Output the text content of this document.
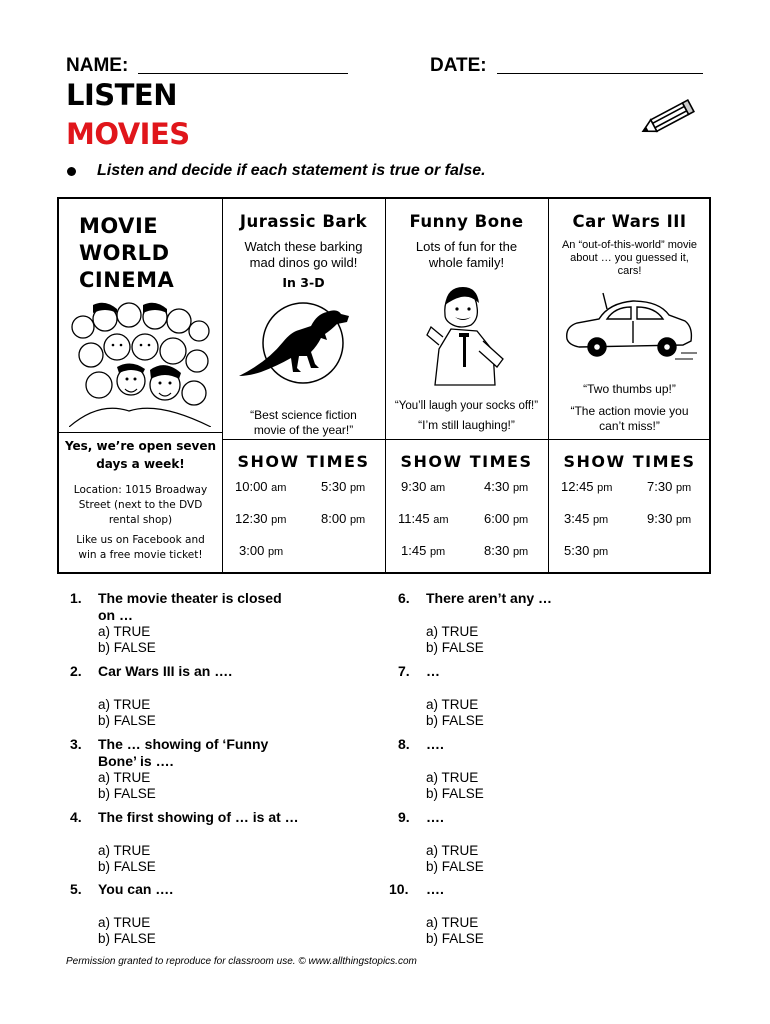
NAME:	DATE:
LISTEN
MOVIES
Listen and decide if each statement is true or false.
MOVIE
WORLD
CINEMA
Yes, we’re open seven
days a week!
Location: 1015 Broadway
Street (next to the DVD
rental shop)
Like us on Facebook and
win a free movie ticket!
Jurassic Bark
Watch these barking
mad dinos go wild!
In 3-D
“Best science fiction
movie of the year!”
Funny Bone
Lots of fun for the
whole family!
“You’ll laugh your socks off!”
“I’m still laughing!”
Car Wars III
An “out-of-this-world” movie
about … you guessed it,
cars!
“Two thumbs up!”
“The action movie you
can’t miss!”
SHOW TIMES	SHOW TIMES	SHOW TIMES
10:00 am	5:30 pm
12:30 pm	8:00 pm
3:00 pm
9:30 am	4:30 pm
11:45 am	6:00 pm
1:45 pm	8:30 pm
12:45 pm	7:30 pm
3:45 pm	9:30 pm
5:30 pm
1. The movie theater is closed
on …
a) TRUE
b) FALSE
2. Car Wars III is an ….

a) TRUE
b) FALSE
3. The … showing of ‘Funny
Bone’ is ….
a) TRUE
b) FALSE
4. The first showing of … is at …

a) TRUE
b) FALSE
5. You can ….

a) TRUE
b) FALSE
6. There aren’t any …

a) TRUE
b) FALSE
7. …

a) TRUE
b) FALSE
8. ….

a) TRUE
b) FALSE
9. ….

a) TRUE
b) FALSE
10. ….

a) TRUE
b) FALSE
Permission granted to reproduce for classroom use. © www.allthingstopics.com
